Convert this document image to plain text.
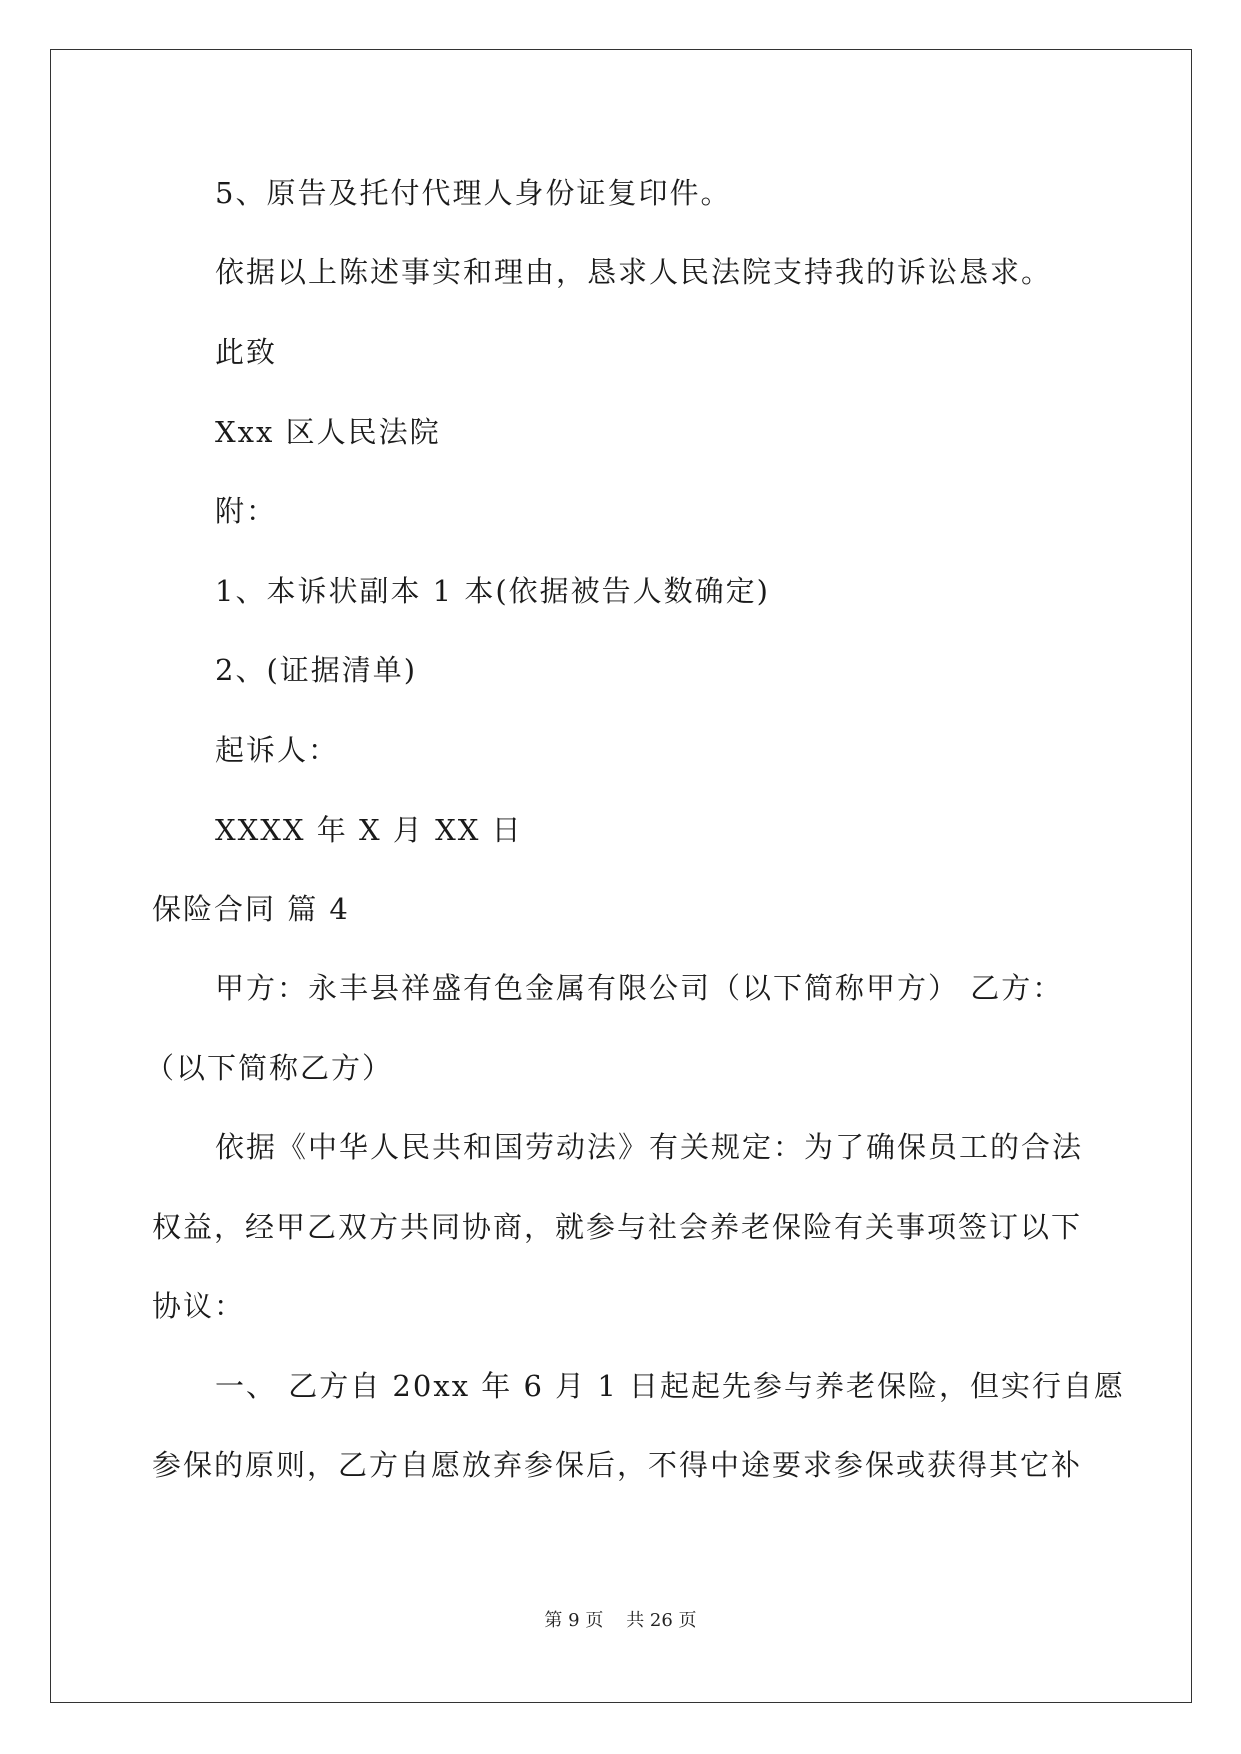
5、原告及托付代理人身份证复印件。
依据以上陈述事实和理由，恳求人民法院支持我的诉讼恳求。
此致
Xxx 区人民法院
附：
1、本诉状副本 1 本(依据被告人数确定)
2、(证据清单)
起诉人：
XXXX 年 X 月 XX 日
保险合同 篇 4
甲方：永丰县祥盛有色金属有限公司（以下简称甲方） 乙方：
（以下简称乙方）
依据《中华人民共和国劳动法》有关规定：为了确保员工的合法
权益，经甲乙双方共同协商，就参与社会养老保险有关事项签订以下
协议：
一、 乙方自 20xx 年 6 月 1 日起起先参与养老保险，但实行自愿
参保的原则，乙方自愿放弃参保后，不得中途要求参保或获得其它补
第 9 页    共 26 页
